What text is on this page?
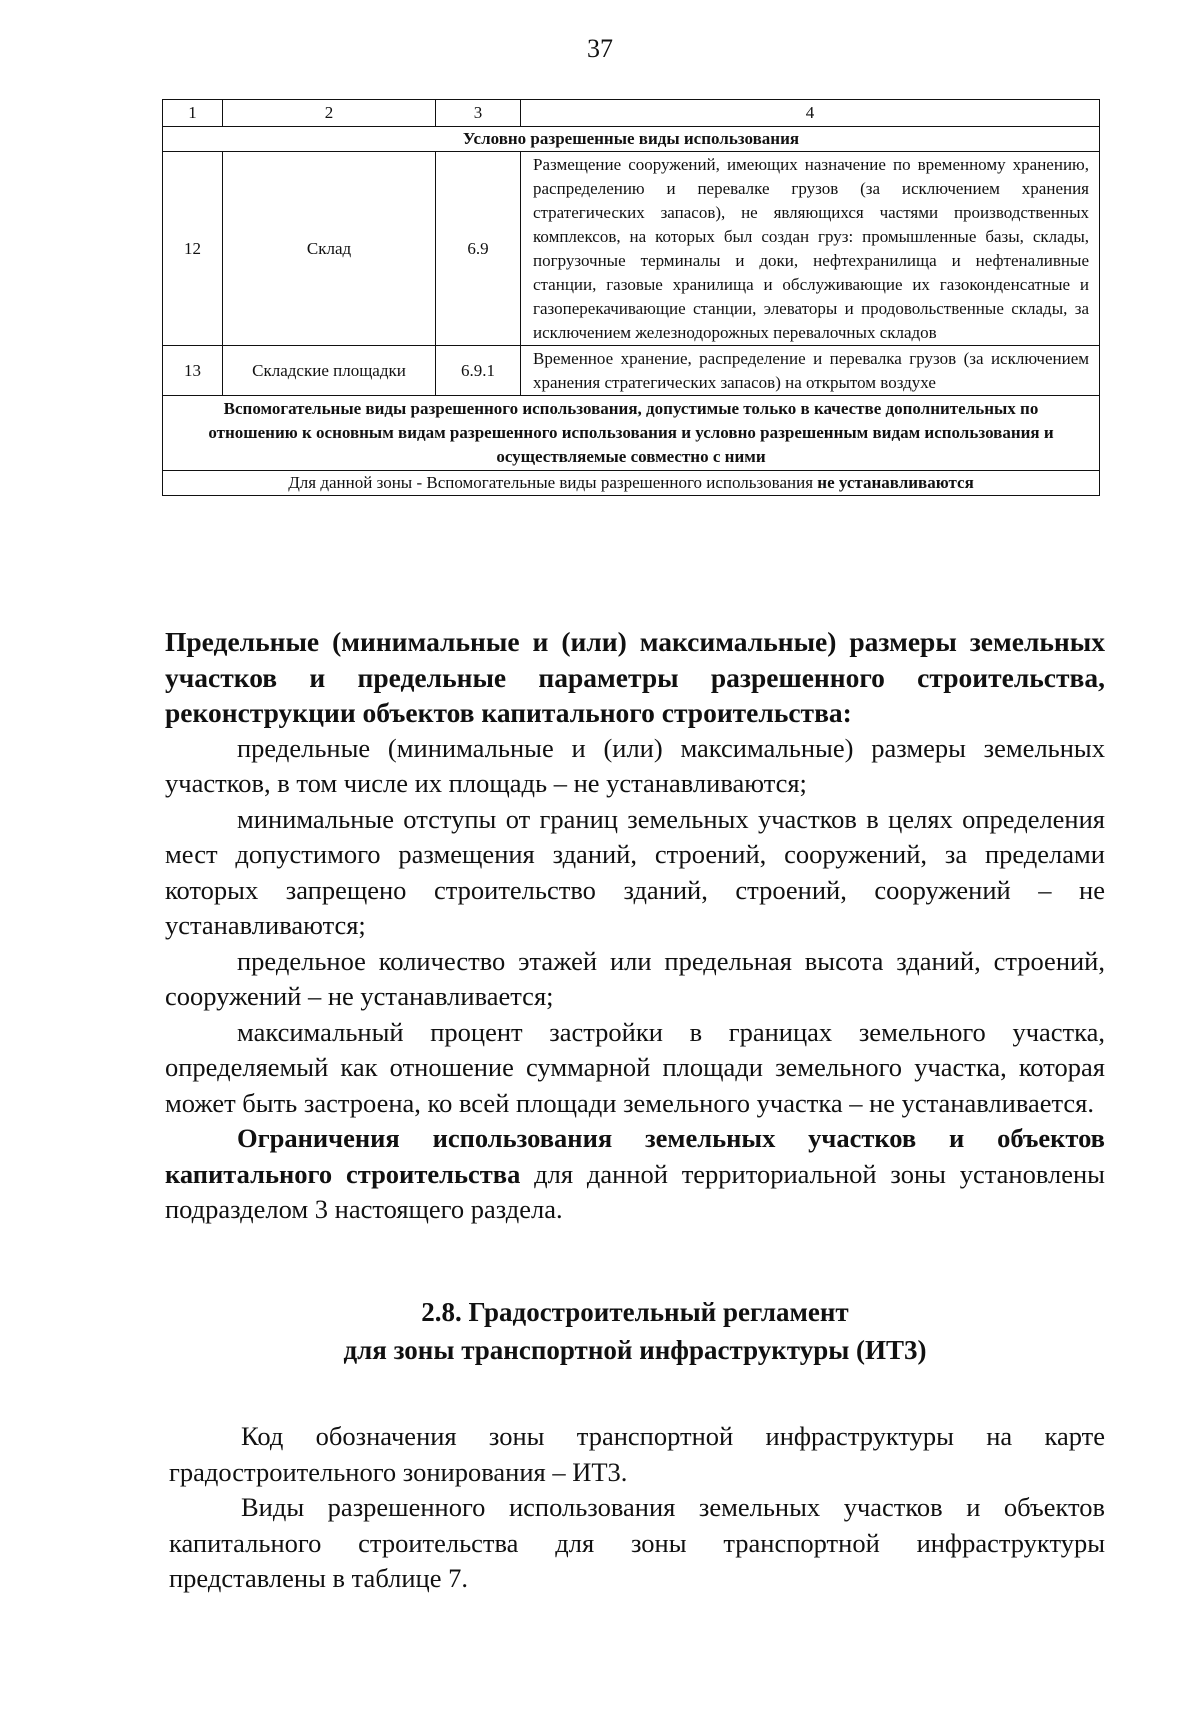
37
1	2	3	4
Условно разрешенные виды использования			
12	Склад	6.9	Размещение сооружений, имеющих назначение по временному хранению, распределению и перевалке грузов (за исключением хранения стратегических запасов), не являющихся частями производственных комплексов, на которых был создан груз: промышленные базы, склады, погрузочные терминалы и доки, нефтехранилища и нефтеналивные станции, газовые хранилища и обслуживающие их газоконденсатные и газоперекачивающие станции, элеваторы и продовольственные склады, за исключением железнодорожных перевалочных складов
13	Складские площадки	6.9.1	Временное хранение, распределение и перевалка грузов (за исключением хранения стратегических запасов) на открытом воздухе
Вспомогательные виды разрешенного использования, допустимые только в качестве дополнительных по отношению к основным видам разрешенного использования и условно разрешенным видам использования и осуществляемые совместно с ними			
Для данной зоны - Вспомогательные виды разрешенного использования не устанавливаются			

Предельные (минимальные и (или) максимальные) размеры земельных участков и предельные параметры разрешенного строительства, реконструкции объектов капитального строительства:

предельные (минимальные и (или) максимальные) размеры земельных участков, в том числе их площадь – не устанавливаются;

минимальные отступы от границ земельных участков в целях определения мест допустимого размещения зданий, строений, сооружений, за пределами которых запрещено строительство зданий, строений, сооружений – не устанавливаются;

предельное количество этажей или предельная высота зданий, строений, сооружений – не устанавливается;

максимальный процент застройки в границах земельного участка, определяемый как отношение суммарной площади земельного участка, которая может быть застроена, ко всей площади земельного участка – не устанавливается.

Ограничения использования земельных участков и объектов капитального строительства для данной территориальной зоны установлены подразделом 3 настоящего раздела.

2.8. Градостроительный регламент
для зоны транспортной инфраструктуры (ИТ3)

Код обозначения зоны транспортной инфраструктуры на карте градостроительного зонирования – ИТ3.

Виды разрешенного использования земельных участков и объектов капитального строительства для зоны транспортной инфраструктуры представлены в таблице 7.
